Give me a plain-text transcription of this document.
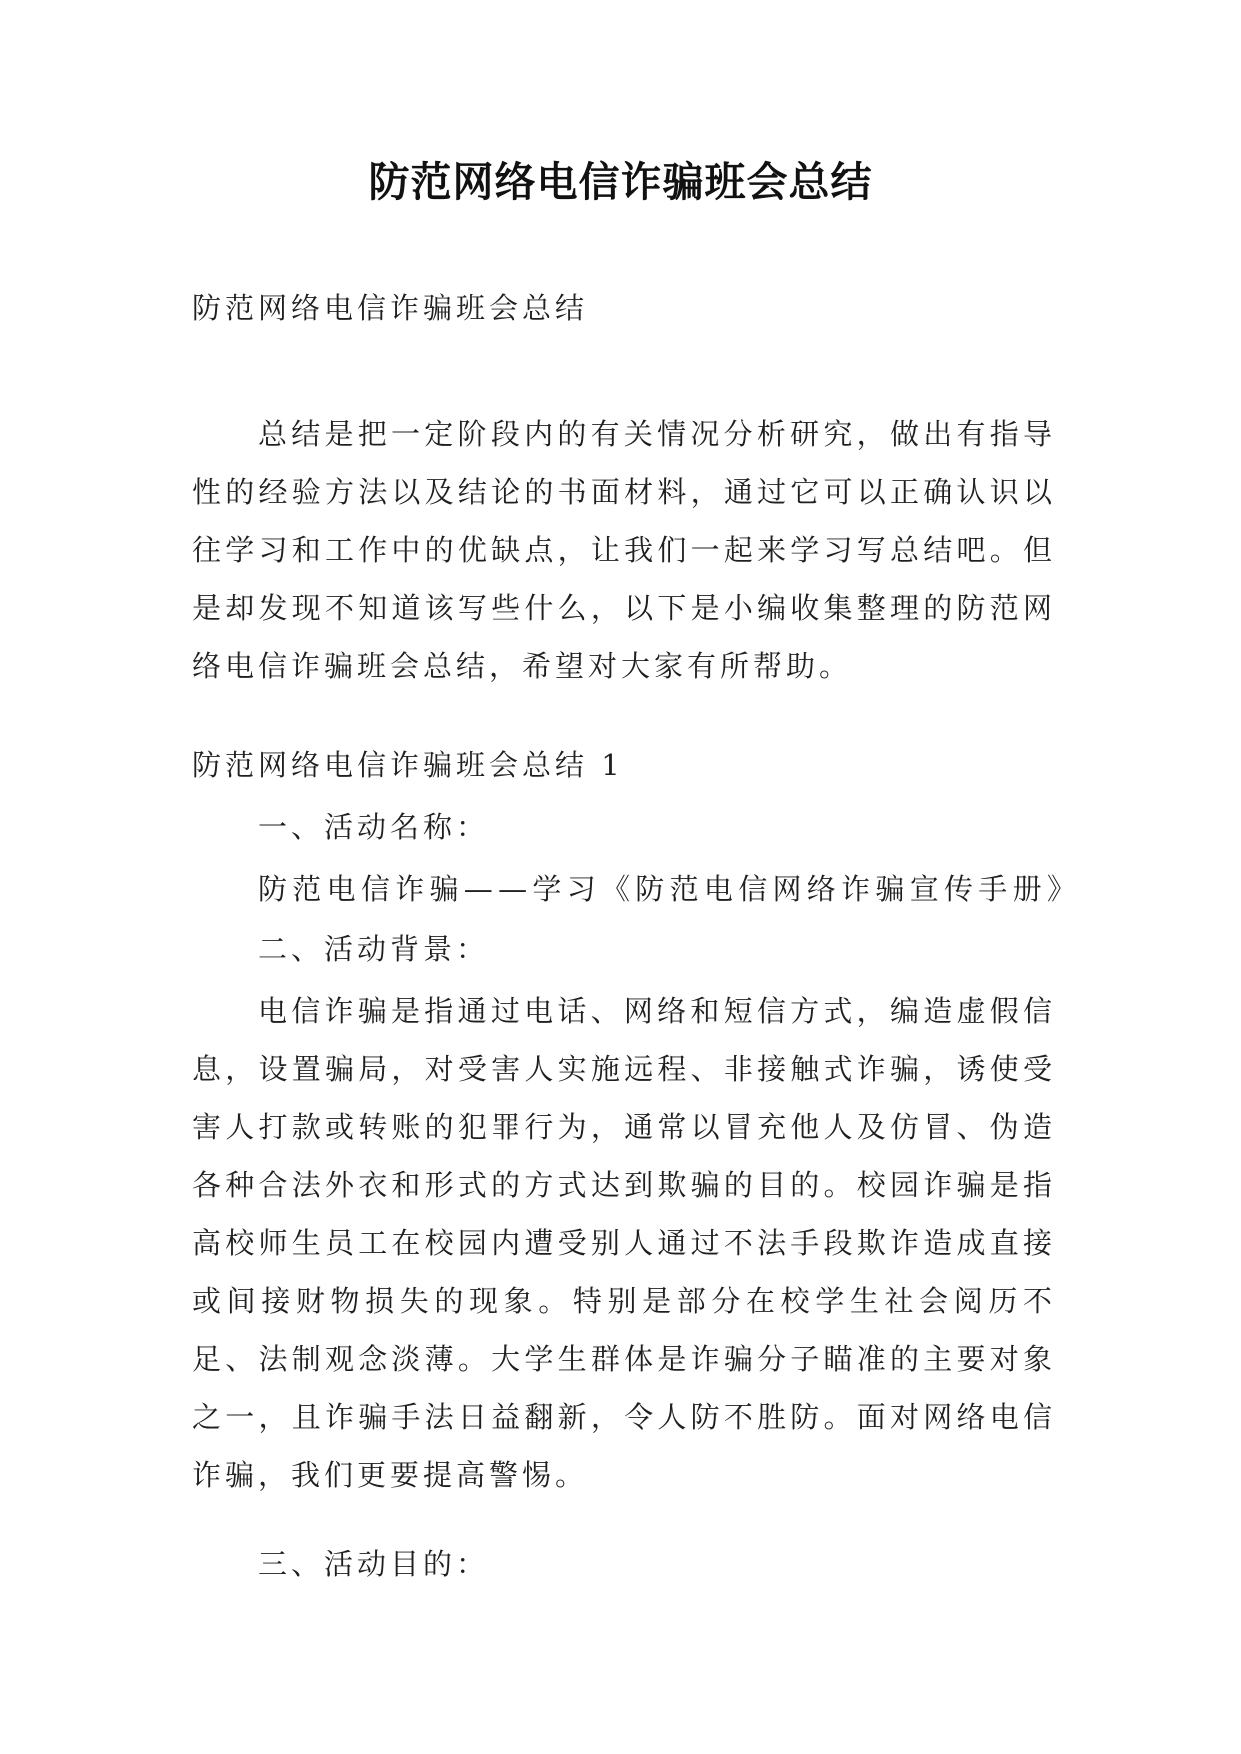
防范网络电信诈骗班会总结
防范网络电信诈骗班会总结
总结是把一定阶段内的有关情况分析研究，做出有指导性的经验方法以及结论的书面材料，通过它可以正确认识以往学习和工作中的优缺点，让我们一起来学习写总结吧。但是却发现不知道该写些什么，以下是小编收集整理的防范网络电信诈骗班会总结，希望对大家有所帮助。
防范网络电信诈骗班会总结 1
一、活动名称：
防范电信诈骗——学习《防范电信网络诈骗宣传手册》
二、活动背景：
电信诈骗是指通过电话、网络和短信方式，编造虚假信息，设置骗局，对受害人实施远程、非接触式诈骗，诱使受害人打款或转账的犯罪行为，通常以冒充他人及仿冒、伪造各种合法外衣和形式的方式达到欺骗的目的。校园诈骗是指高校师生员工在校园内遭受别人通过不法手段欺诈造成直接或间接财物损失的现象。特别是部分在校学生社会阅历不足、法制观念淡薄。大学生群体是诈骗分子瞄准的主要对象之一，且诈骗手法日益翻新，令人防不胜防。面对网络电信诈骗，我们更要提高警惕。
三、活动目的：
